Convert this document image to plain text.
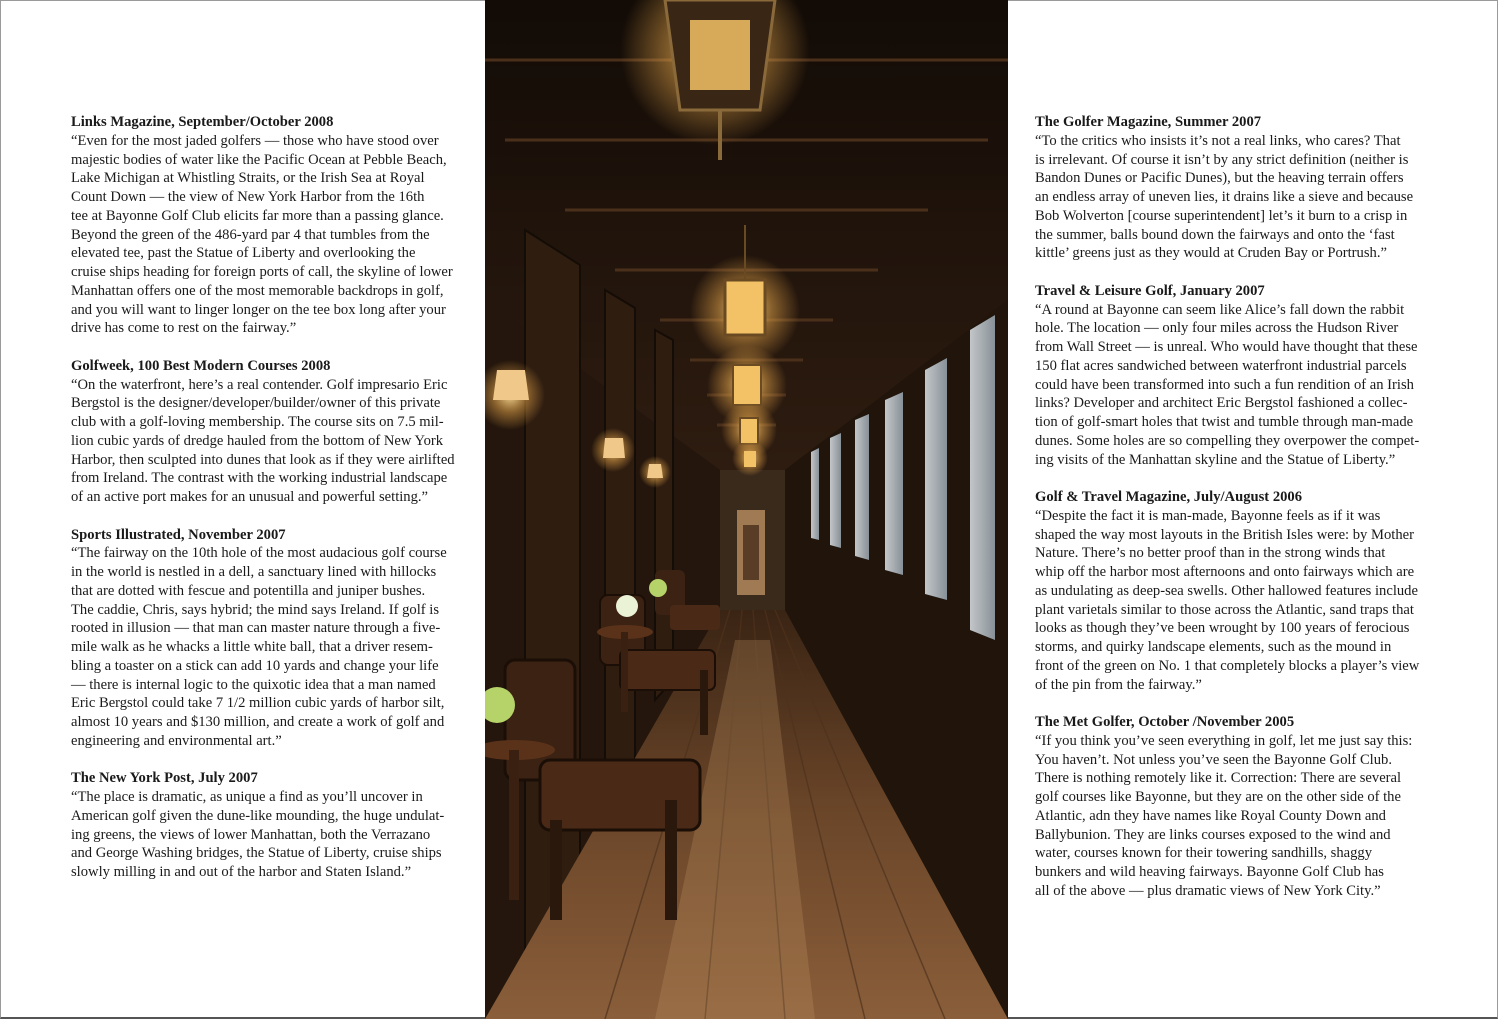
Links Magazine, September/October 2008
“Even for the most jaded golfers — those who have stood over
majestic bodies of water like the Pacific Ocean at Pebble Beach,
Lake Michigan at Whistling Straits, or the Irish Sea at Royal
Count Down — the view of New York Harbor from the 16th
tee at Bayonne Golf Club elicits far more than a passing glance.
Beyond the green of the 486-yard par 4 that tumbles from the
elevated tee, past the Statue of Liberty and overlooking the
cruise ships heading for foreign ports of call, the skyline of lower
Manhattan offers one of the most memorable backdrops in golf,
and you will want to linger longer on the tee box long after your
drive has come to rest on the fairway.”
Golfweek, 100 Best Modern Courses 2008
“On the waterfront, here’s a real contender. Golf impresario Eric
Bergstol is the designer/developer/builder/owner of this private
club with a golf-loving membership. The course sits on 7.5 mil-
lion cubic yards of dredge hauled from the bottom of New York
Harbor, then sculpted into dunes that look as if they were airlifted
from Ireland. The contrast with the working industrial landscape
of an active port makes for an unusual and powerful setting.”
Sports Illustrated, November 2007
“The fairway on the 10th hole of the most audacious golf course
in the world is nestled in a dell, a sanctuary lined with hillocks
that are dotted with fescue and potentilla and juniper bushes.
The caddie, Chris, says hybrid; the mind says Ireland. If golf is
rooted in illusion — that man can master nature through a five-
mile walk as he whacks a little white ball, that a driver resem-
bling a toaster on a stick can add 10 yards and change your life
— there is internal logic to the quixotic idea that a man named
Eric Bergstol could take 7 1/2 million cubic yards of harbor silt,
almost 10 years and $130 million, and create a work of golf and
engineering and environmental art.”
The New York Post, July 2007
“The place is dramatic, as unique a find as you’ll uncover in
American golf given the dune-like mounding, the huge undulat-
ing greens, the views of lower Manhattan, both the Verrazano
and George Washing bridges, the Statue of Liberty, cruise ships
slowly milling in and out of the harbor and Staten Island.”
The Golfer Magazine, Summer 2007
“To the critics who insists it’s not a real links, who cares? That
is irrelevant. Of course it isn’t by any strict definition (neither is
Bandon Dunes or Pacific Dunes), but the heaving terrain offers
an endless array of uneven lies, it drains like a sieve and because
Bob Wolverton [course superintendent] let’s it burn to a crisp in
the summer, balls bound down the fairways and onto the ‘fast
kittle’ greens just as they would at Cruden Bay or Portrush.”
Travel & Leisure Golf, January 2007
“A round at Bayonne can seem like Alice’s fall down the rabbit
hole. The location — only four miles across the Hudson River
from Wall Street — is unreal. Who would have thought that these
150 flat acres sandwiched between waterfront industrial parcels
could have been transformed into such a fun rendition of an Irish
links? Developer and architect Eric Bergstol fashioned a collec-
tion of golf-smart holes that twist and tumble through man-made
dunes. Some holes are so compelling they overpower the compet-
ing visits of the Manhattan skyline and the Statue of Liberty.”
Golf & Travel Magazine, July/August 2006
“Despite the fact it is man-made, Bayonne feels as if it was
shaped the way most layouts in the British Isles were: by Mother
Nature. There’s no better proof than in the strong winds that
whip off the harbor most afternoons and onto fairways which are
as undulating as deep-sea swells. Other hallowed features include
plant varietals similar to those across the Atlantic, sand traps that
looks as though they’ve been wrought by 100 years of ferocious
storms, and quirky landscape elements, such as the mound in
front of the green on No. 1 that completely blocks a player’s view
of the pin from the fairway.”
The Met Golfer, October /November 2005
“If you think you’ve seen everything in golf, let me just say this:
You haven’t. Not unless you’ve seen the Bayonne Golf Club.
There is nothing remotely like it. Correction: There are several
golf courses like Bayonne, but they are on the other side of the
Atlantic, adn they have names like Royal County Down and
Ballybunion. They are links courses exposed to the wind and
water, courses known for their towering sandhills, shaggy
bunkers and wild heaving fairways. Bayonne Golf Club has
all of the above — plus dramatic views of New York City.”
